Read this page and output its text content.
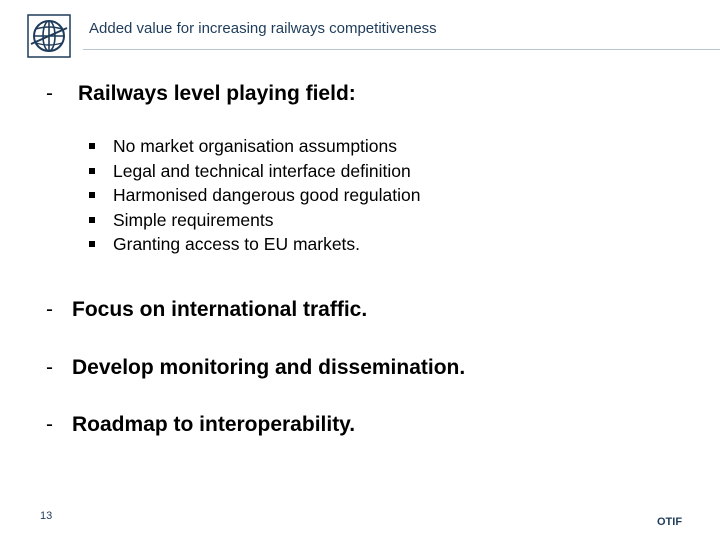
Added value for increasing railways competitiveness
- Railways level playing field:
No market organisation assumptions
Legal and technical interface definition
Harmonised dangerous good regulation
Simple requirements
Granting access to EU markets.
- Focus on international traffic.
- Develop monitoring and dissemination.
- Roadmap to interoperability.
13	OTIF
